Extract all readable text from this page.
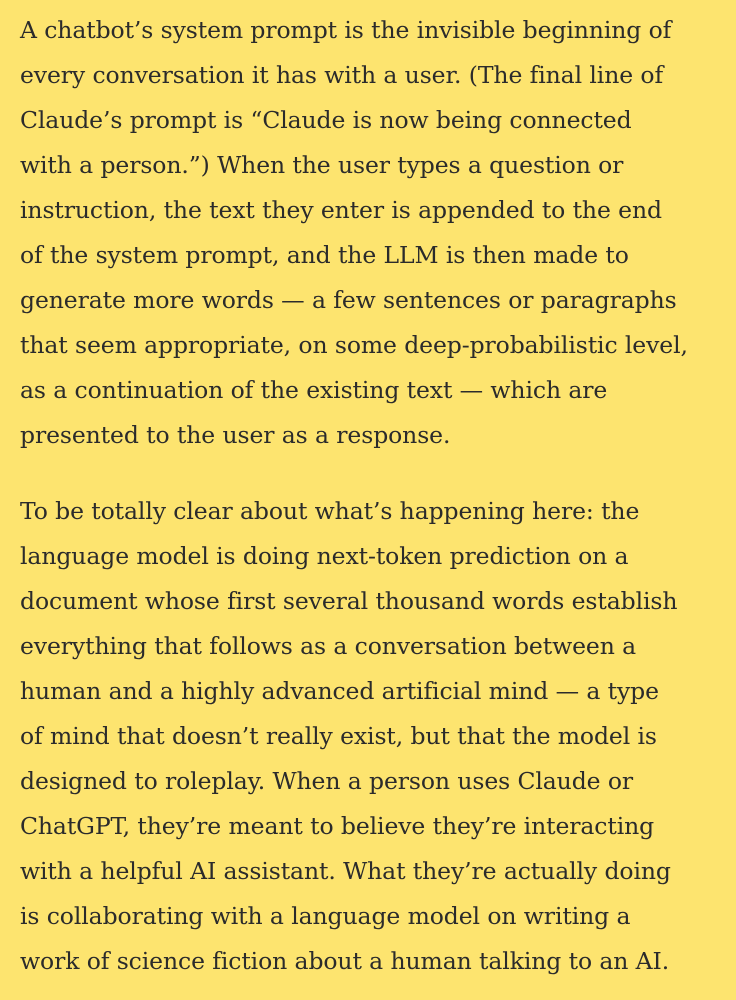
A chatbot’s system prompt is the invisible beginning of
every conversation it has with a user. (The final line of
Claude’s prompt is “Claude is now being connected
with a person.”) When the user types a question or
instruction, the text they enter is appended to the end
of the system prompt, and the LLM is then made to
generate more words — a few sentences or paragraphs
that seem appropriate, on some deep-probabilistic level,
as a continuation of the existing text — which are
presented to the user as a response.

To be totally clear about what’s happening here: the
language model is doing next-token prediction on a
document whose first several thousand words establish
everything that follows as a conversation between a
human and a highly advanced artificial mind — a type
of mind that doesn’t really exist, but that the model is
designed to roleplay. When a person uses Claude or
ChatGPT, they’re meant to believe they’re interacting
with a helpful AI assistant. What they’re actually doing
is collaborating with a language model on writing a
work of science fiction about a human talking to an AI.
